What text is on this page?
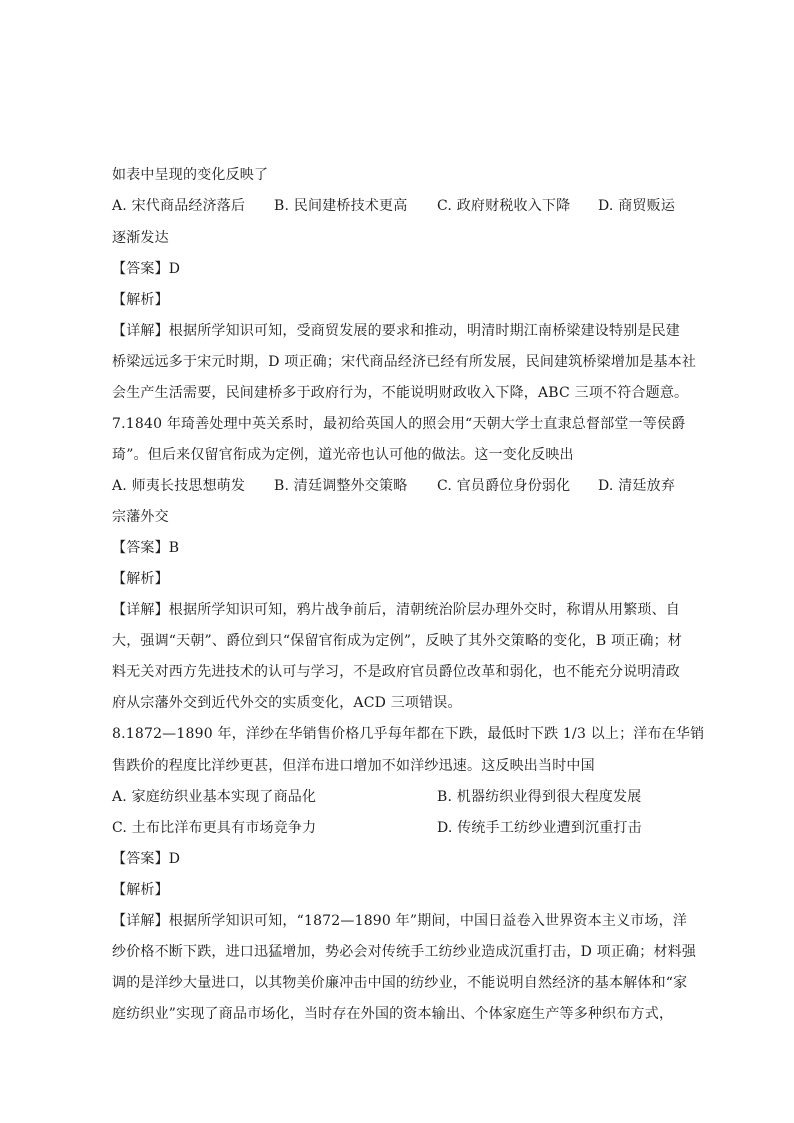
如表中呈现的变化反映了
A. 宋代商品经济落后 B. 民间建桥技术更高 C. 政府财税收入下降 D. 商贸贩运
逐渐发达
【答案】D
【解析】
【详解】根据所学知识可知，受商贸发展的要求和推动，明清时期江南桥梁建设特别是民建
桥梁远远多于宋元时期，D 项正确；宋代商品经济已经有所发展，民间建筑桥梁增加是基本社
会生产生活需要，民间建桥多于政府行为，不能说明财政收入下降，ABC 三项不符合题意。
7.1840 年琦善处理中英关系时，最初给英国人的照会用“天朝大学士直隶总督部堂一等侯爵
琦”。但后来仅留官衔成为定例，道光帝也认可他的做法。这一变化反映出
A. 师夷长技思想萌发 B. 清廷调整外交策略 C. 官员爵位身份弱化 D. 清廷放弃
宗藩外交
【答案】B
【解析】
【详解】根据所学知识可知，鸦片战争前后，清朝统治阶层办理外交时，称谓从用繁琐、自
大，强调“天朝”、爵位到只“保留官衔成为定例”，反映了其外交策略的变化，B 项正确；材
料无关对西方先进技术的认可与学习，不是政府官员爵位改革和弱化，也不能充分说明清政
府从宗藩外交到近代外交的实质变化，ACD 三项错误。
8.1872—1890 年，洋纱在华销售价格几乎每年都在下跌，最低时下跌 1/3 以上；洋布在华销
售跌价的程度比洋纱更甚，但洋布进口增加不如洋纱迅速。这反映出当时中国
A. 家庭纺织业基本实现了商品化	B. 机器纺织业得到很大程度发展
C. 土布比洋布更具有市场竞争力	D. 传统手工纺纱业遭到沉重打击
【答案】D
【解析】
【详解】根据所学知识可知，“1872—1890 年”期间，中国日益卷入世界资本主义市场，洋
纱价格不断下跌，进口迅猛增加，势必会对传统手工纺纱业造成沉重打击，D 项正确；材料强
调的是洋纱大量进口，以其物美价廉冲击中国的纺纱业，不能说明自然经济的基本解体和“家
庭纺织业”实现了商品市场化，当时存在外国的资本输出、个体家庭生产等多种织布方式，
